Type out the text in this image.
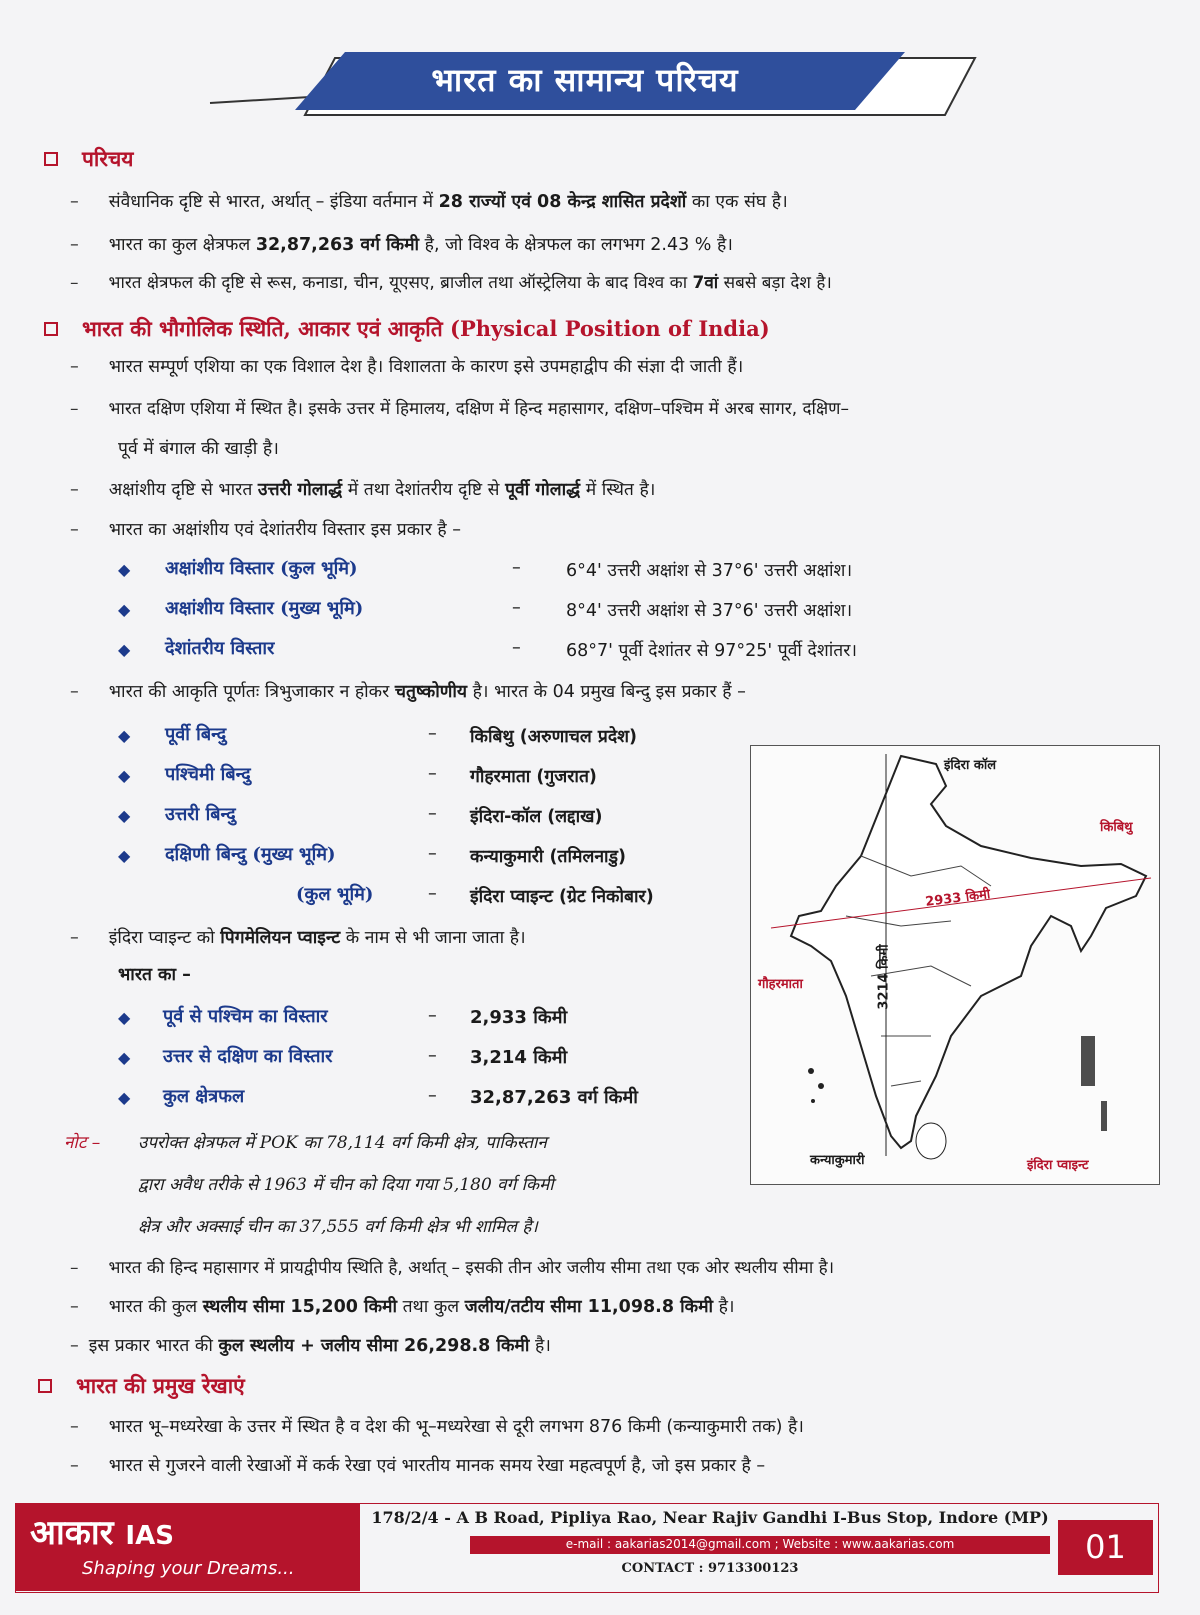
भारत का सामान्य परिचय
परिचय
– संवैधानिक दृष्टि से भारत, अर्थात् – इंडिया वर्तमान में 28 राज्यों एवं 08 केन्द्र शासित प्रदेशों का एक संघ है।
– भारत का कुल क्षेत्रफल 32,87,263 वर्ग किमी है, जो विश्व के क्षेत्रफल का लगभग 2.43 % है।
– भारत क्षेत्रफल की दृष्टि से रूस, कनाडा, चीन, यूएसए, ब्राजील तथा ऑस्ट्रेलिया के बाद विश्व का 7वां सबसे बड़ा देश है।
भारत की भौगोलिक स्थिति, आकार एवं आकृति (Physical Position of India)
– भारत सम्पूर्ण एशिया का एक विशाल देश है। विशालता के कारण इसे उपमहाद्वीप की संज्ञा दी जाती हैं।
– भारत दक्षिण एशिया में स्थित है। इसके उत्तर में हिमालय, दक्षिण में हिन्द महासागर, दक्षिण–पश्चिम में अरब सागर, दक्षिण–
पूर्व में बंगाल की खाड़ी है।
– अक्षांशीय दृष्टि से भारत उत्तरी गोलार्द्ध में तथा देशांतरीय दृष्टि से पूर्वी गोलार्द्ध में स्थित है।
– भारत का अक्षांशीय एवं देशांतरीय विस्तार इस प्रकार है –
◆ अक्षांशीय विस्तार (कुल भूमि)	–	6°4' उत्तरी अक्षांश से 37°6' उत्तरी अक्षांश।
◆ अक्षांशीय विस्तार (मुख्य भूमि)	–	8°4' उत्तरी अक्षांश से 37°6' उत्तरी अक्षांश।
◆ देशांतरीय विस्तार	–	68°7' पूर्वी देशांतर से 97°25' पूर्वी देशांतर।
– भारत की आकृति पूर्णतः त्रिभुजाकार न होकर चतुष्कोणीय है। भारत के 04 प्रमुख बिन्दु इस प्रकार हैं –
◆ पूर्वी बिन्दु	– किबिथु (अरुणाचल प्रदेश)
◆ पश्चिमी बिन्दु	– गौहरमाता (गुजरात)
◆ उत्तरी बिन्दु	– इंदिरा-कॉल (लद्दाख)
◆ दक्षिणी बिन्दु (मुख्य भूमि)	– कन्याकुमारी (तमिलनाडु)
(कुल भूमि)	– इंदिरा प्वाइन्ट (ग्रेट निकोबार)
– इंदिरा प्वाइन्ट को पिगमेलियन प्वाइन्ट के नाम से भी जाना जाता है।
भारत का –
◆ पूर्व से पश्चिम का विस्तार	– 2,933 किमी
◆ उत्तर से दक्षिण का विस्तार	– 3,214 किमी
◆ कुल क्षेत्रफल	– 32,87,263 वर्ग किमी
नोट – उपरोक्त क्षेत्रफल में POK का 78,114 वर्ग किमी क्षेत्र, पाकिस्तान
द्वारा अवैध तरीके से 1963 में चीन को दिया गया 5,180 वर्ग किमी
क्षेत्र और अक्साई चीन का 37,555 वर्ग किमी क्षेत्र भी शामिल है।
इंदिरा कॉल
किबिथु
गौहरमाता
कन्याकुमारी	इंदिरा प्वाइन्ट
2933 किमी
3214 किमी
– भारत की हिन्द महासागर में प्रायद्वीपीय स्थिति है, अर्थात् – इसकी तीन ओर जलीय सीमा तथा एक ओर स्थलीय सीमा है।
– भारत की कुल स्थलीय सीमा 15,200 किमी तथा कुल जलीय/तटीय सीमा 11,098.8 किमी है।
– इस प्रकार भारत की कुल स्थलीय + जलीय सीमा 26,298.8 किमी है।
भारत की प्रमुख रेखाएं
– भारत भू–मध्यरेखा के उत्तर में स्थित है व देश की भू–मध्यरेखा से दूरी लगभग 876 किमी (कन्याकुमारी तक) है।
– भारत से गुजरने वाली रेखाओं में कर्क रेखा एवं भारतीय मानक समय रेखा महत्वपूर्ण है, जो इस प्रकार है –
आकार IAS
Shaping your Dreams...
178/2/4 - A B Road, Pipliya Rao, Near Rajiv Gandhi I-Bus Stop, Indore (MP)
e-mail : aakarias2014@gmail.com ; Website : www.aakarias.com
CONTACT : 9713300123
01
